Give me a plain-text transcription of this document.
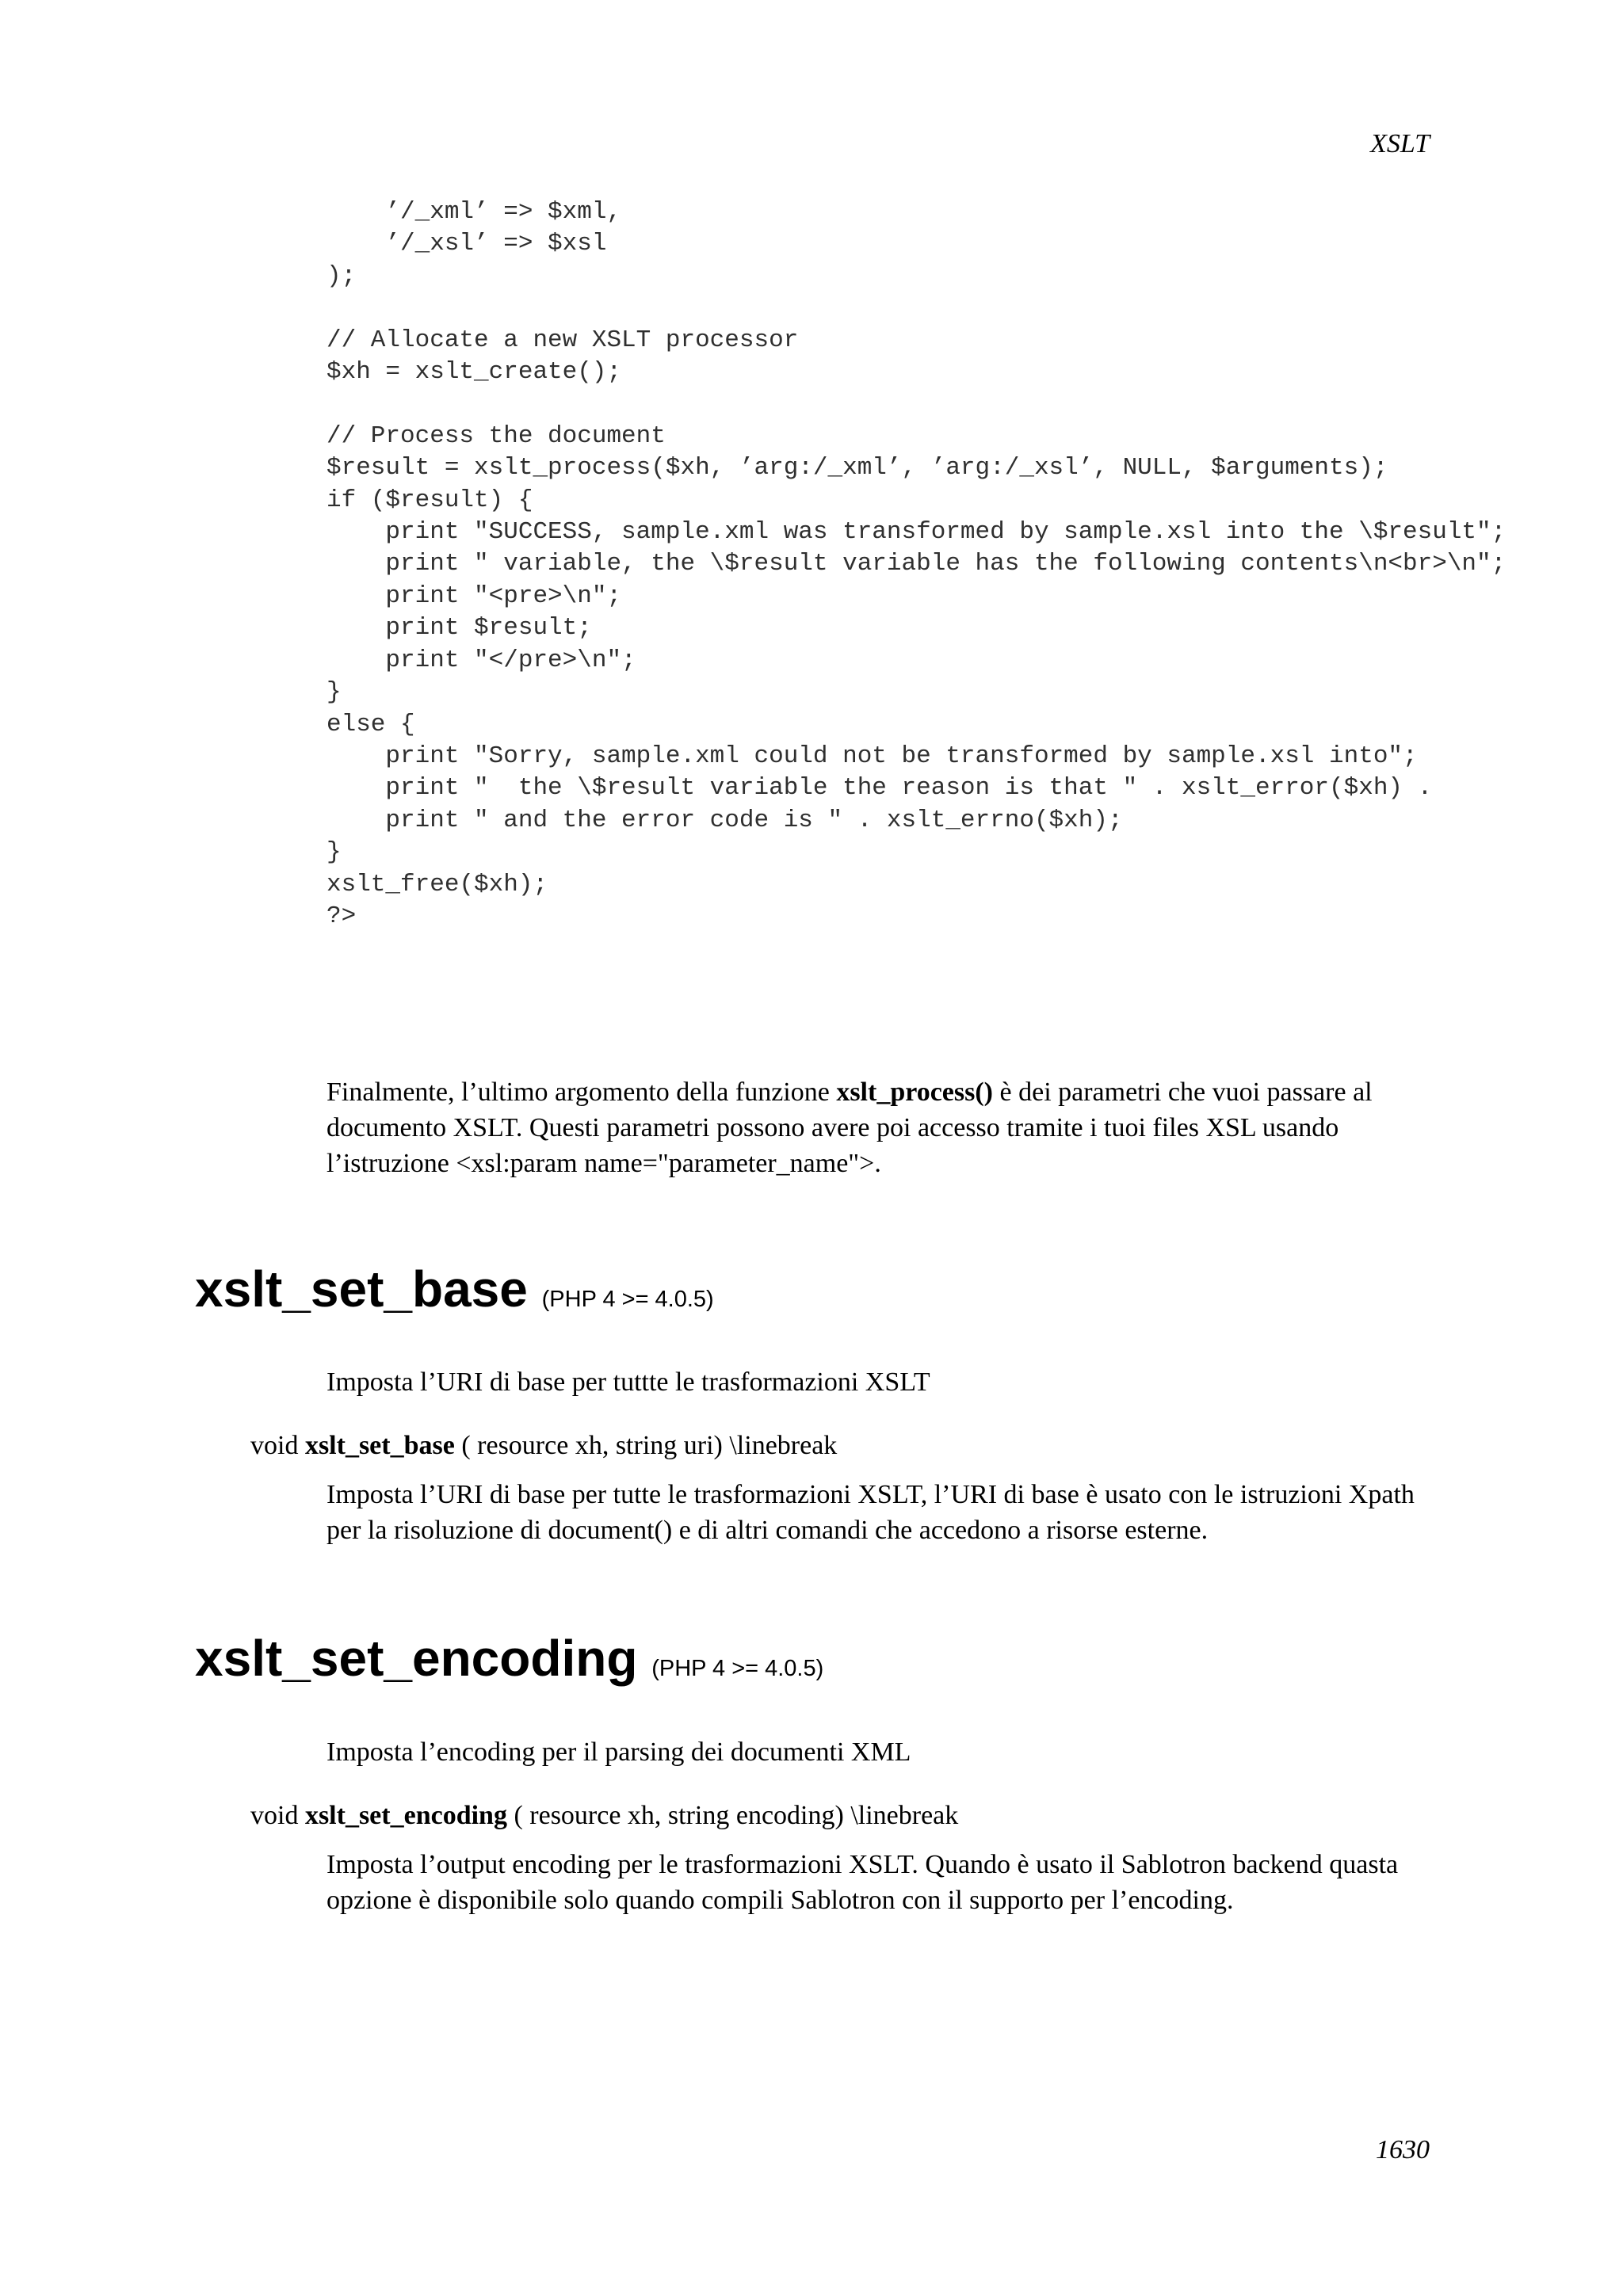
XSLT

’/_xml’ => $xml,
’/_xsl’ => $xsl
);

// Allocate a new XSLT processor
$xh = xslt_create();

// Process the document
$result = xslt_process($xh, ’arg:/_xml’, ’arg:/_xsl’, NULL, $arguments);
if ($result) {
print "SUCCESS, sample.xml was transformed by sample.xsl into the \$result";
print " variable, the \$result variable has the following contents\n<br>\n";
print "<pre>\n";
print $result;
print "</pre>\n";
}
else {
print "Sorry, sample.xml could not be transformed by sample.xsl into";
print "  the \$result variable the reason is that " . xslt_error($xh) .
print " and the error code is " . xslt_errno($xh);
}
xslt_free($xh);
?>

Finalmente, l’ultimo argomento della funzione xslt_process() è dei parametri che vuoi passare al documento XSLT. Questi parametri possono avere poi accesso tramite i tuoi files XSL usando l’istruzione <xsl:param name="parameter_name">.

xslt_set_base (PHP 4 >= 4.0.5)

Imposta l’URI di base per tuttte le trasformazioni XSLT

void xslt_set_base ( resource xh, string uri) \linebreak

Imposta l’URI di base per tutte le trasformazioni XSLT, l’URI di base è usato con le istruzioni Xpath per la risoluzione di document() e di altri comandi che accedono a risorse esterne.

xslt_set_encoding (PHP 4 >= 4.0.5)

Imposta l’encoding per il parsing dei documenti XML

void xslt_set_encoding ( resource xh, string encoding) \linebreak

Imposta l’output encoding per le trasformazioni XSLT. Quando è usato il Sablotron backend quasta opzione è disponibile solo quando compili Sablotron con il supporto per l’encoding.

1630
